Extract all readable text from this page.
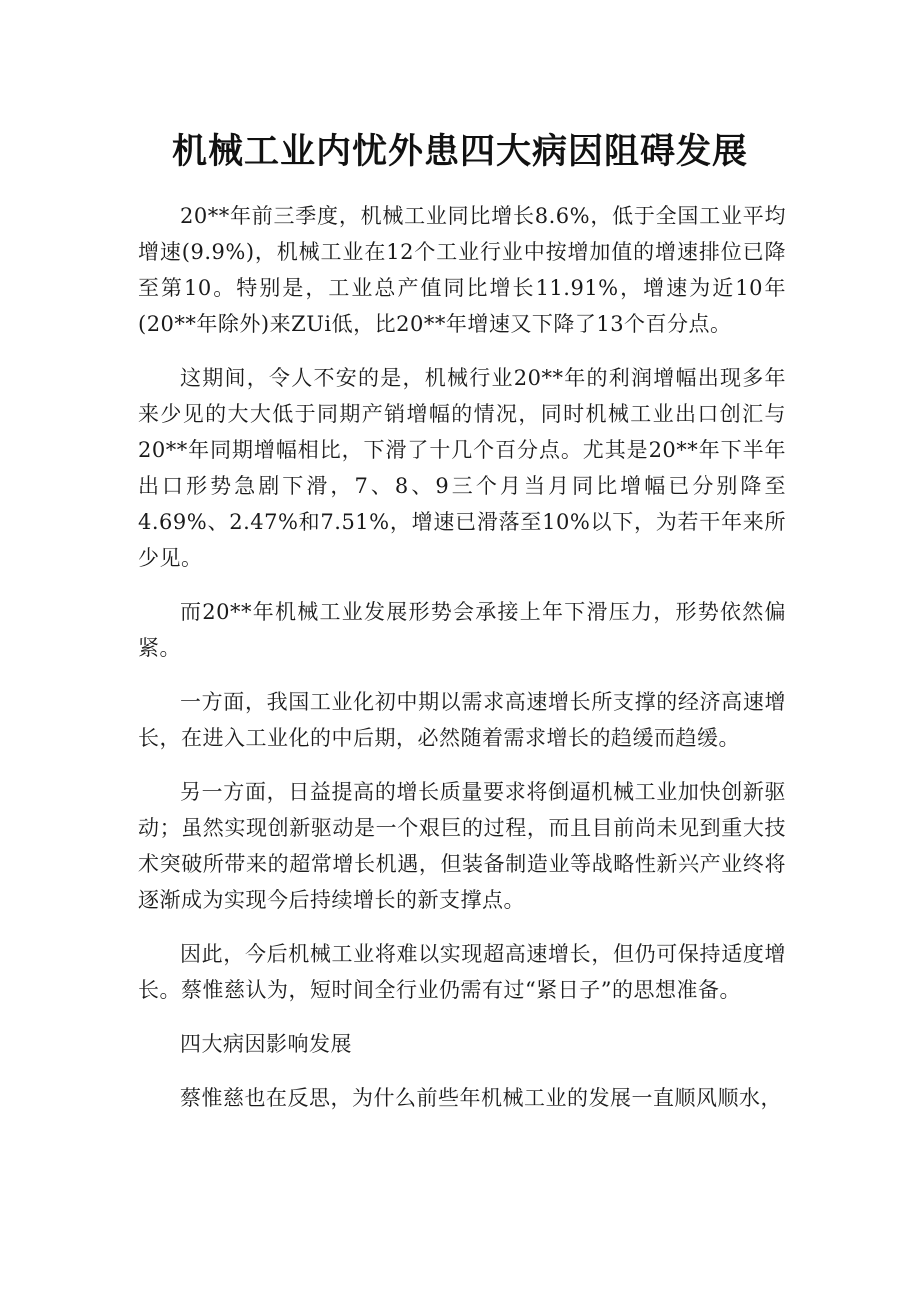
机械工业内忧外患四大病因阻碍发展

20**年前三季度，机械工业同比增长8.6%，低于全国工业平均增速(9.9%)，机械工业在12个工业行业中按增加值的增速排位已降至第10。特别是，工业总产值同比增长11.91%，增速为近10年(20**年除外)来ZUi低，比20**年增速又下降了13个百分点。

这期间，令人不安的是，机械行业20**年的利润增幅出现多年来少见的大大低于同期产销增幅的情况，同时机械工业出口创汇与20**年同期增幅相比，下滑了十几个百分点。尤其是20**年下半年出口形势急剧下滑，7、8、9三个月当月同比增幅已分别降至4.69%、2.47%和7.51%，增速已滑落至10%以下，为若干年来所少见。

而20**年机械工业发展形势会承接上年下滑压力，形势依然偏紧。

一方面，我国工业化初中期以需求高速增长所支撑的经济高速增长，在进入工业化的中后期，必然随着需求增长的趋缓而趋缓。

另一方面，日益提高的增长质量要求将倒逼机械工业加快创新驱动；虽然实现创新驱动是一个艰巨的过程，而且目前尚未见到重大技术突破所带来的超常增长机遇，但装备制造业等战略性新兴产业终将逐渐成为实现今后持续增长的新支撑点。

因此，今后机械工业将难以实现超高速增长，但仍可保持适度增长。蔡惟慈认为，短时间全行业仍需有过“紧日子”的思想准备。

四大病因影响发展

蔡惟慈也在反思，为什么前些年机械工业的发展一直顺风顺水，
